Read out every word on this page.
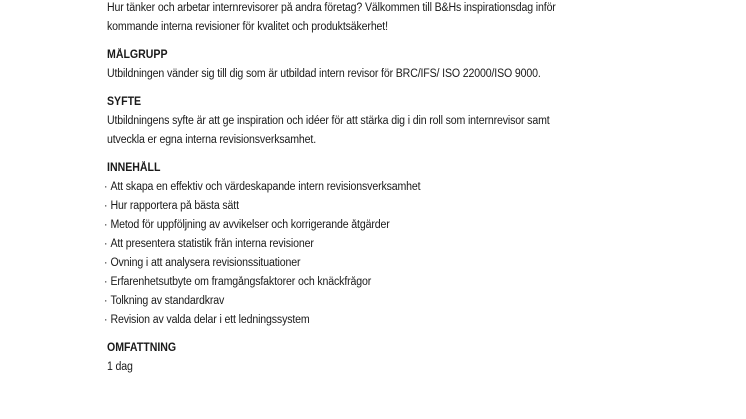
Hur tänker och arbetar internrevisorer på andra företag? Välkommen till B&Hs inspirationsdag inför

kommande interna revisioner för kvalitet och produktsäkerhet!

MÅLGRUPP

Utbildningen vänder sig till dig som är utbildad intern revisor för BRC/IFS/ ISO 22000/ISO 9000.

SYFTE

Utbildningens syfte är att ge inspiration och idéer för att stärka dig i din roll som internrevisor samt

utveckla er egna interna revisionsverksamhet.

INNEHÅLL

· Att skapa en effektiv och värdeskapande intern revisionsverksamhet
· Hur rapportera på bästa sätt
· Metod för uppföljning av avvikelser och korrigerande åtgärder
· Att presentera statistik från interna revisioner
· Övning i att analysera revisionssituationer
· Erfarenhetsutbyte om framgångsfaktorer och knäckfrågor
· Tolkning av standardkrav
· Revision av valda delar i ett ledningssystem

OMFATTNING

1 dag
